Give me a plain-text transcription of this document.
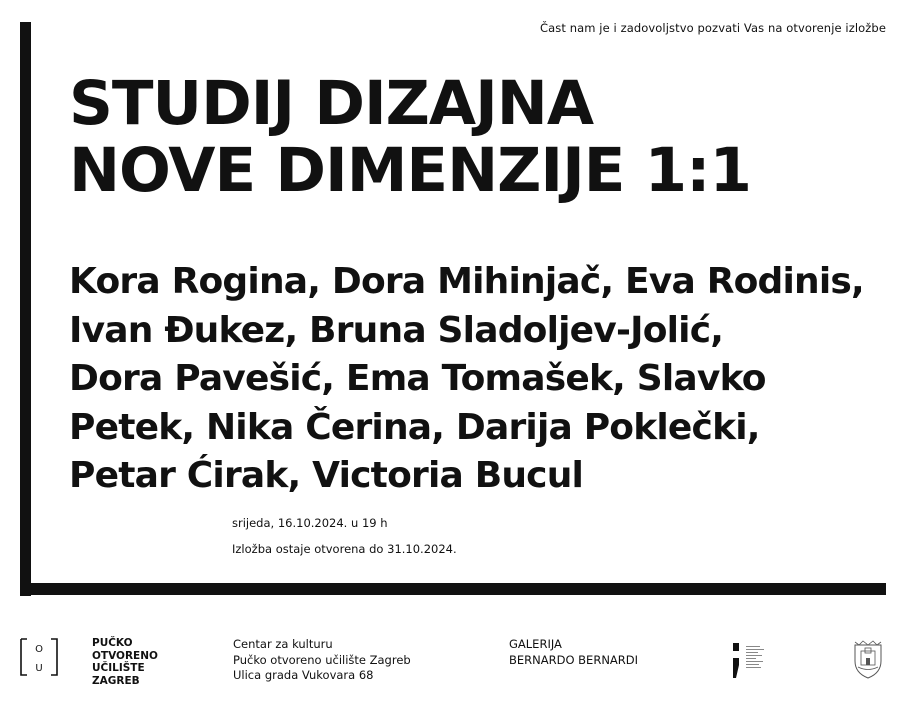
Čast nam je i zadovoljstvo pozvati Vas na otvorenje izložbe
STUDIJ DIZAJNA
NOVE DIMENZIJE 1:1
Kora Rogina, Dora Mihinjač, Eva Rodinis,
Ivan Đukez, Bruna Sladoljev-Jolić,
Dora Pavešić, Ema Tomašek, Slavko
Petek, Nika Čerina, Darija Poklečki,
Petar Ćirak, Victoria Bucul
srijeda, 16.10.2024. u 19 h
Izložba ostaje otvorena do 31.10.2024.
O
U
PUČKO
OTVORENO
UČILIŠTE
ZAGREB
Centar za kulturu
Pučko otvoreno učilište Zagreb
Ulica grada Vukovara 68
GALERIJA
BERNARDO BERNARDI
